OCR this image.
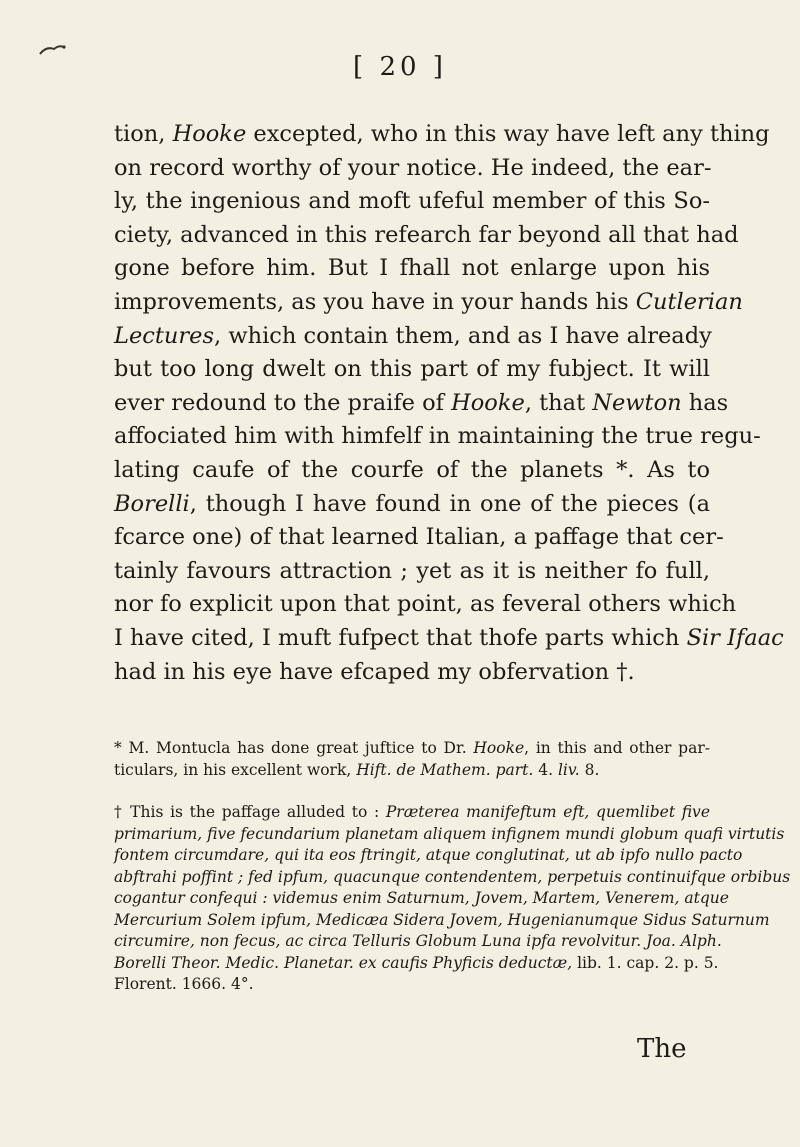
[ 20 ]
tion, Hooke excepted, who in this way have left any thing
on record worthy of your notice. He indeed, the ear-
ly, the ingenious and moft ufeful member of this So-
ciety, advanced in this refearch far beyond all that had
gone before him. But I fhall not enlarge upon his
improvements, as you have in your hands his Cutlerian
Lectures, which contain them, and as I have already
but too long dwelt on this part of my fubject. It will
ever redound to the praife of Hooke, that Newton has
affociated him with himfelf in maintaining the true regu-
lating caufe of the courfe of the planets *. As to
Borelli, though I have found in one of the pieces (a
fcarce one) of that learned Italian, a paffage that cer-
tainly favours attraction ; yet as it is neither fo full,
nor fo explicit upon that point, as feveral others which
I have cited, I muft fufpect that thofe parts which Sir Ifaac
had in his eye have efcaped my obfervation †.
* M. Montucla has done great juftice to Dr. Hooke, in this and other par-
ticulars, in his excellent work, Hift. de Mathem. part. 4. liv. 8.
† This is the paffage alluded to : Præterea manifeftum eft, quemlibet five
primarium, five fecundarium planetam aliquem infignem mundi globum quafi virtutis
fontem circumdare, qui ita eos ftringit, atque conglutinat, ut ab ipfo nullo pacto
abftrahi poffint ; fed ipfum, quacunque contendentem, perpetuis continuifque orbibus
cogantur confequi : videmus enim Saturnum, Jovem, Martem, Venerem, atque
Mercurium Solem ipfum, Medicæa Sidera Jovem, Hugenianumque Sidus Saturnum
circumire, non fecus, ac circa Telluris Globum Luna ipfa revolvitur. Joa. Alph.
Borelli Theor. Medic. Planetar. ex caufis Phyficis deductæ, lib. 1. cap. 2. p. 5.
Florent. 1666. 4°.
The
